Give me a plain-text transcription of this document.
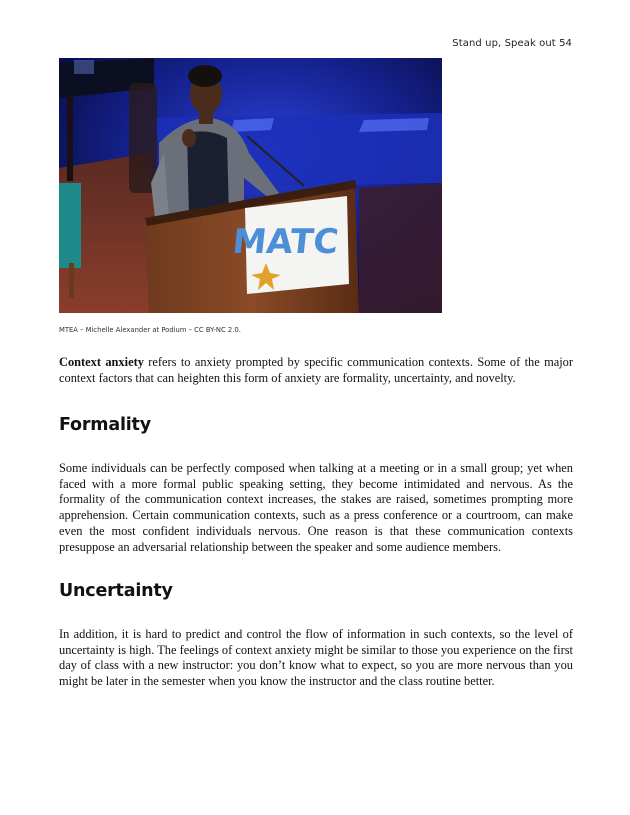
Stand up, Speak out 54
MATC
MTEA – Michelle Alexander at Podium – CC BY-NC 2.0.

Context anxiety refers to anxiety prompted by specific communication contexts. Some of the major context factors that can heighten this form of anxiety are formality, uncertainty, and novelty.

Formality

Some individuals can be perfectly composed when talking at a meeting or in a small group; yet when faced with a more formal public speaking setting, they become intimidated and nervous. As the formality of the communication context increases, the stakes are raised, sometimes prompting more apprehension. Certain communication contexts, such as a press conference or a courtroom, can make even the most confident individuals nervous. One reason is that these communication contexts presuppose an adversarial relationship between the speaker and some audience members.

Uncertainty

In addition, it is hard to predict and control the flow of information in such contexts, so the level of uncertainty is high. The feelings of context anxiety might be similar to those you experience on the first day of class with a new instructor: you don’t know what to expect, so you are more nervous than you might be later in the semester when you know the instructor and the class routine better.
